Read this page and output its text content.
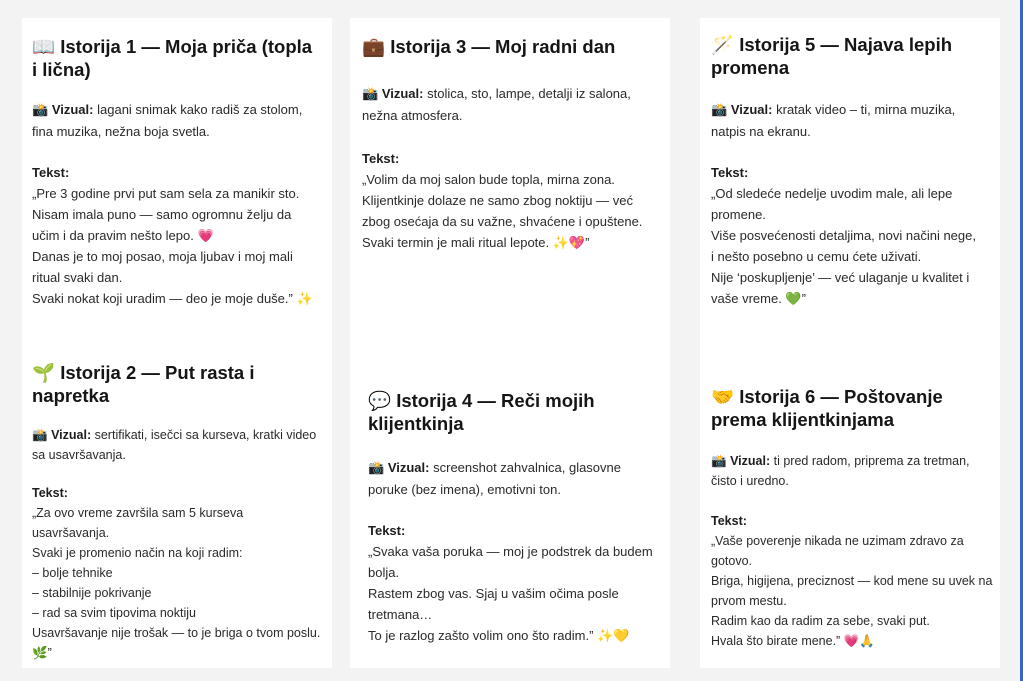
📖 Istorija 1 — Moja priča (topla i lična)

📸 Vizual: lagani snimak kako radiš za stolom, fina muzika, nežna boja svetla.

Tekst:

„Pre 3 godine prvi put sam sela za manikir sto.

Nisam imala puno — samo ogromnu želju da učim i da pravim nešto lepo. 💗

Danas je to moj posao, moja ljubav i moj mali ritual svaki dan.

Svaki nokat koji uradim — deo je moje duše.” ✨

🌱 Istorija 2 — Put rasta i napretka

📸 Vizual: sertifikati, isečci sa kurseva, kratki video sa usavršavanja.

Tekst:

„Za ovo vreme završila sam 5 kurseva usavršavanja.

Svaki je promenio način na koji radim:

– bolje tehnike

– stabilnije pokrivanje

– rad sa svim tipovima noktiju

Usavršavanje nije trošak — to je briga o tvom poslu. 🌿”

💼 Istorija 3 — Moj radni dan

📸 Vizual: stolica, sto, lampe, detalji iz salona, nežna atmosfera.

Tekst:

„Volim da moj salon bude topla, mirna zona.

Klijentkinje dolaze ne samo zbog noktiju — već zbog osećaja da su važne, shvaćene i opuštene.

Svaki termin je mali ritual lepote. ✨💖”

💬 Istorija 4 — Reči mojih klijentkinja

📸 Vizual: screenshot zahvalnica, glasovne poruke (bez imena), emotivni ton.

Tekst:

„Svaka vaša poruka — moj je podstrek da budem bolja.

Rastem zbog vas. Sjaj u vašim očima posle tretmana…

To je razlog zašto volim ono što radim.” ✨💛

🪄 Istorija 5 — Najava lepih promena

📸 Vizual: kratak video – ti, mirna muzika, natpis na ekranu.

Tekst:

„Od sledeće nedelje uvodim male, ali lepe promene.

Više posvećenosti detaljima, novi načini nege,

i nešto posebno u cemu ćete uživati.

Nije ‘poskupljenje’ — već ulaganje u kvalitet i vaše vreme. 💚”

🤝 Istorija 6 — Poštovanje prema klijentkinjama

📸 Vizual: ti pred radom, priprema za tretman, čisto i uredno.

Tekst:

„Vaše poverenje nikada ne uzimam zdravo za gotovo.

Briga, higijena, preciznost — kod mene su uvek na prvom mestu.

Radim kao da radim za sebe, svaki put.

Hvala što birate mene.” 💗🙏
